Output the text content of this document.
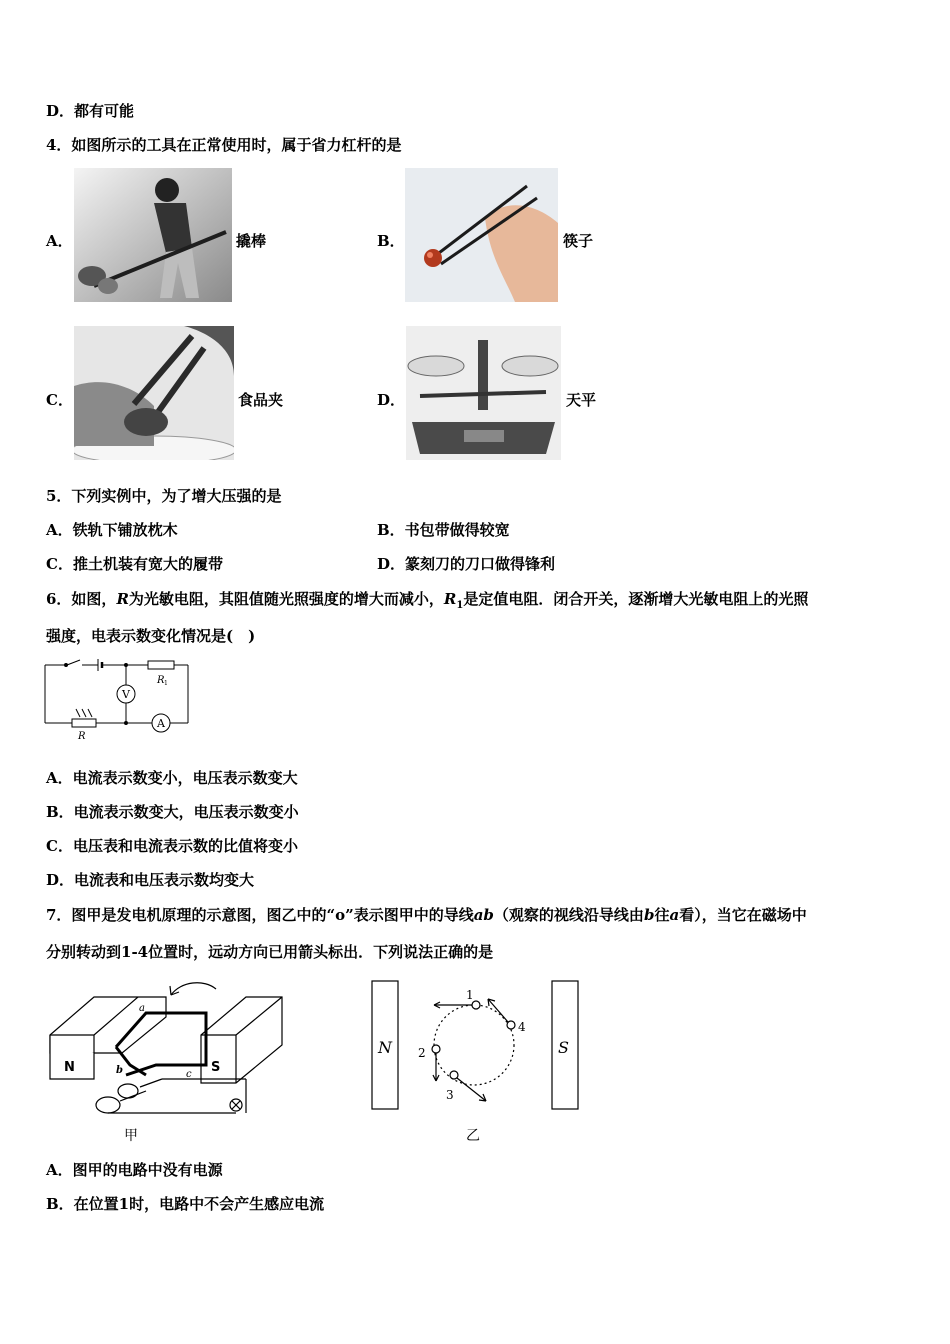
D．都有可能
4．如图所示的工具在正常使用时，属于省力杠杆的是
A．	撬棒	B．	筷子
C．	食品夹	D．	天平
5．下列实例中，为了增大压强的是
A．铁轨下铺放枕木	B．书包带做得较宽
C．推土机装有宽大的履带	D．篆刻刀的刀口做得锋利
6．如图，R为光敏电阻，其阻值随光照强度的增大而减小，$R_1$是定值电阻．闭合开关，逐渐增大光敏电阻上的光照
强度，电表示数变化情况是(　)
V
A
R 1
R
A．电流表示数变小，电压表示数变大
B．电流表示数变大，电压表示数变小
C．电压表和电流表示数的比值将变小
D．电流表和电压表示数均变大
7．图甲是发电机原理的示意图，图乙中的“o”表示图甲中的导线ab（观察的视线沿导线由b往a看），当它在磁场中
分别转动到1-4位置时，远动方向已用箭头标出．下列说法正确的是
N	S
a
b	c
甲
N	S
1
2
3
4
乙
A．图甲的电路中没有电源
B．在位置1时，电路中不会产生感应电流
